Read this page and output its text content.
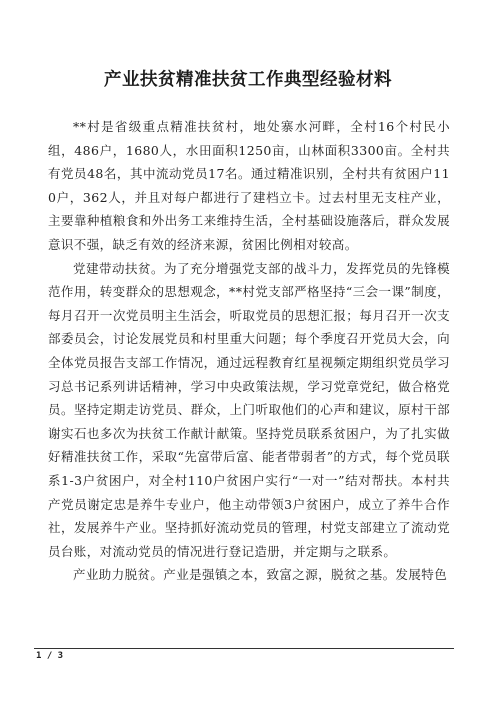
产业扶贫精准扶贫工作典型经验材料

**村是省级重点精准扶贫村，地处寨水河畔，全村16个村民小组，486户，1680人，水田面积1250亩，山林面积3300亩。全村共有党员48名，其中流动党员17名。通过精准识别，全村共有贫困户110户，362人，并且对每户都进行了建档立卡。过去村里无支柱产业，主要靠种植粮食和外出务工来维持生活，全村基础设施落后，群众发展意识不强，缺乏有效的经济来源，贫困比例相对较高。

党建带动扶贫。为了充分增强党支部的战斗力，发挥党员的先锋模范作用，转变群众的思想观念，**村党支部严格坚持“三会一课”制度，每月召开一次党员明主生活会，听取党员的思想汇报；每月召开一次支部委员会，讨论发展党员和村里重大问题；每个季度召开党员大会，向全体党员报告支部工作情况，通过远程教育红星视频定期组织党员学习习总书记系列讲话精神，学习中央政策法规，学习党章党纪，做合格党员。坚持定期走访党员、群众，上门听取他们的心声和建议，原村干部谢实石也多次为扶贫工作献计献策。坚持党员联系贫困户，为了扎实做好精准扶贫工作，采取“先富带后富、能者带弱者”的方式，每个党员联系1-3户贫困户，对全村110户贫困户实行“一对一”结对帮扶。本村共产党员谢定忠是养牛专业户，他主动带领3户贫困户，成立了养牛合作社，发展养牛产业。坚持抓好流动党员的管理，村党支部建立了流动党员台账，对流动党员的情况进行登记造册，并定期与之联系。

产业助力脱贫。产业是强镇之本，致富之源，脱贫之基。发展特色

1 / 3
